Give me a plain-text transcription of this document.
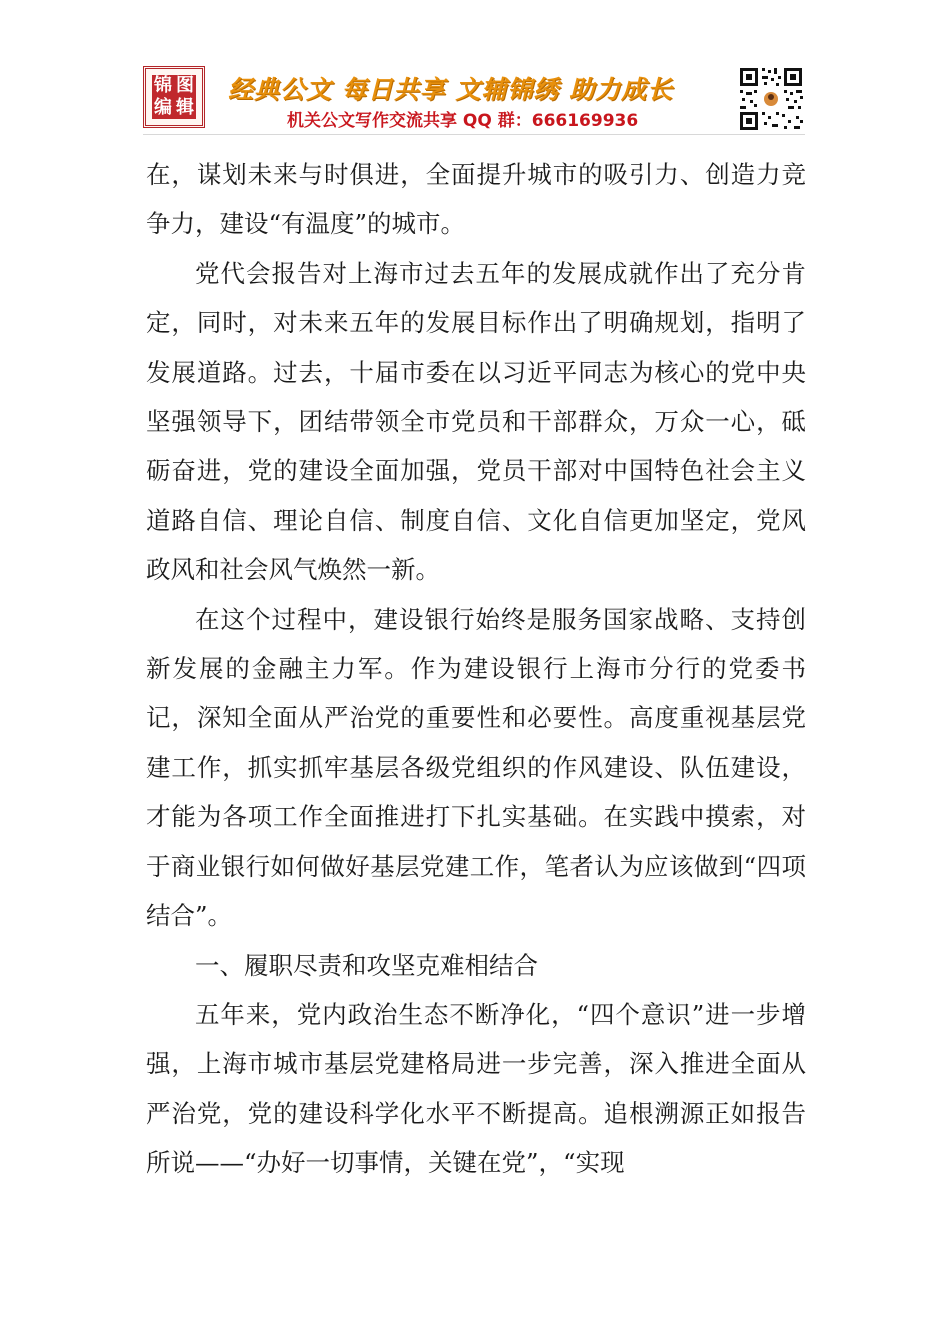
锦 图
编 辑
经典公文 每日共享 文辅锦绣 助力成长
机关公文写作交流共享 QQ 群：666169936

在，谋划未来与时俱进，全面提升城市的吸引力、创造力竞争力，建设“有温度”的城市。

党代会报告对上海市过去五年的发展成就作出了充分肯定，同时，对未来五年的发展目标作出了明确规划，指明了发展道路。过去，十届市委在以习近平同志为核心的党中央坚强领导下，团结带领全市党员和干部群众，万众一心，砥砺奋进，党的建设全面加强，党员干部对中国特色社会主义道路自信、理论自信、制度自信、文化自信更加坚定，党风政风和社会风气焕然一新。

在这个过程中，建设银行始终是服务国家战略、支持创新发展的金融主力军。作为建设银行上海市分行的党委书记，深知全面从严治党的重要性和必要性。高度重视基层党建工作，抓实抓牢基层各级党组织的作风建设、队伍建设，才能为各项工作全面推进打下扎实基础。在实践中摸索，对于商业银行如何做好基层党建工作，笔者认为应该做到“四项结合”。

一、履职尽责和攻坚克难相结合

五年来，党内政治生态不断净化，“四个意识”进一步增强，上海市城市基层党建格局进一步完善，深入推进全面从严治党，党的建设科学化水平不断提高。追根溯源正如报告所说——“办好一切事情，关键在党”，“实现
